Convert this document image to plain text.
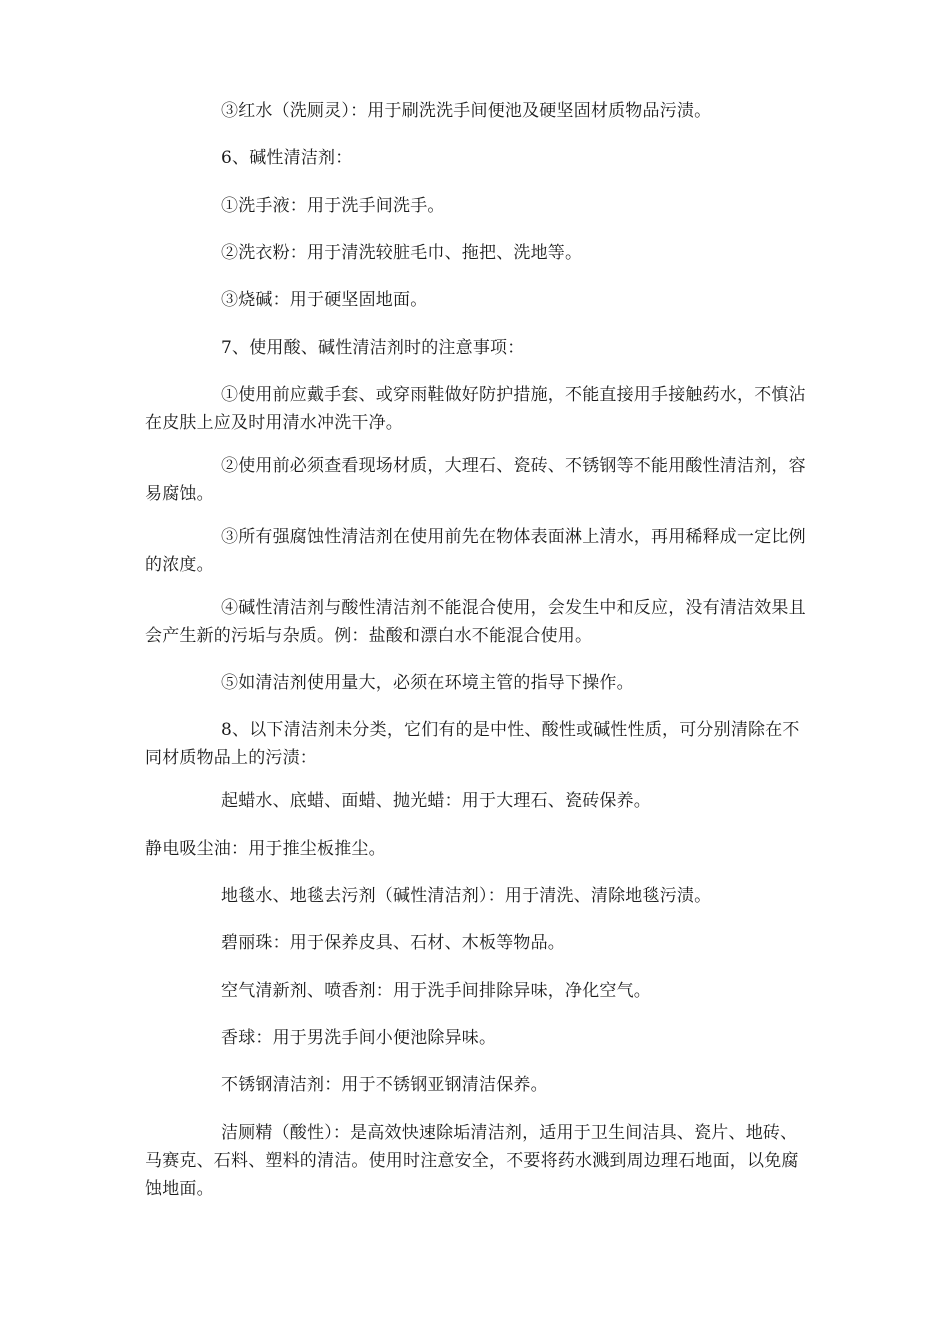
③红水（洗厕灵）：用于刷洗洗手间便池及硬坚固材质物品污渍。

6、碱性清洁剂：

①洗手液：用于洗手间洗手。

②洗衣粉：用于清洗较脏毛巾、拖把、洗地等。

③烧碱：用于硬坚固地面。

7、使用酸、碱性清洁剂时的注意事项：

①使用前应戴手套、或穿雨鞋做好防护措施，不能直接用手接触药水，不慎沾在皮肤上应及时用清水冲洗干净。

②使用前必须查看现场材质，大理石、瓷砖、不锈钢等不能用酸性清洁剂，容易腐蚀。

③所有强腐蚀性清洁剂在使用前先在物体表面淋上清水，再用稀释成一定比例的浓度。

④碱性清洁剂与酸性清洁剂不能混合使用，会发生中和反应，没有清洁效果且会产生新的污垢与杂质。例：盐酸和漂白水不能混合使用。

⑤如清洁剂使用量大，必须在环境主管的指导下操作。

8、以下清洁剂未分类，它们有的是中性、酸性或碱性性质，可分别清除在不同材质物品上的污渍：

起蜡水、底蜡、面蜡、抛光蜡：用于大理石、瓷砖保养。

静电吸尘油：用于推尘板推尘。

地毯水、地毯去污剂（碱性清洁剂）：用于清洗、清除地毯污渍。

碧丽珠：用于保养皮具、石材、木板等物品。

空气清新剂、喷香剂：用于洗手间排除异味，净化空气。

香球：用于男洗手间小便池除异味。

不锈钢清洁剂：用于不锈钢亚钢清洁保养。

洁厕精（酸性）：是高效快速除垢清洁剂，适用于卫生间洁具、瓷片、地砖、马赛克、石料、塑料的清洁。使用时注意安全，不要将药水溅到周边理石地面，以免腐蚀地面。
